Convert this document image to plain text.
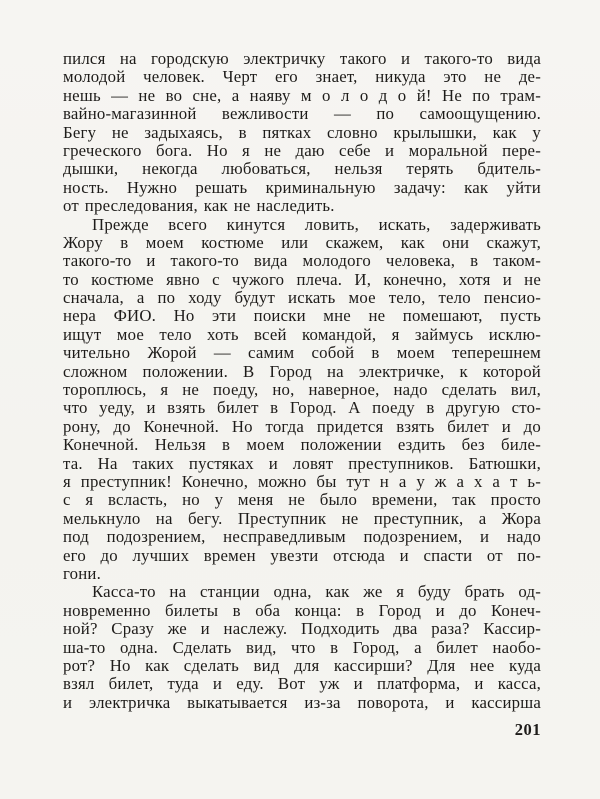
пился на городскую электричку такого и такого-то вида
молодой человек. Черт его знает, никуда это не де-
нешь — не во сне, а наяву м о л о д о й! Не по трам-
вайно-магазинной вежливости — по самоощущению.
Бегу не задыхаясь, в пятках словно крылышки, как у
греческого бога. Но я не даю себе и моральной пере-
дышки, некогда любоваться, нельзя терять бдитель-
ность. Нужно решать криминальную задачу: как уйти
от преследования, как не наследить.
Прежде всего кинутся ловить, искать, задерживать
Жору в моем костюме или скажем, как они скажут,
такого-то и такого-то вида молодого человека, в таком-
то костюме явно с чужого плеча. И, конечно, хотя и не
сначала, а по ходу будут искать мое тело, тело пенсио-
нера ФИО. Но эти поиски мне не помешают, пусть
ищут мое тело хоть всей командой, я займусь исклю-
чительно Жорой — самим собой в моем теперешнем
сложном положении. В Город на электричке, к которой
тороплюсь, я не поеду, но, наверное, надо сделать вил,
что уеду, и взять билет в Город. А поеду в другую сто-
рону, до Конечной. Но тогда придется взять билет и до
Конечной. Нельзя в моем положении ездить без биле-
та. На таких пустяках и ловят преступников. Батюшки,
я преступник! Конечно, можно бы тут н а у ж а х а т ь-
с я всласть, но у меня не было времени, так просто
мелькнуло на бегу. Преступник не преступник, а Жора
под подозрением, несправедливым подозрением, и надо
его до лучших времен увезти отсюда и спасти от по-
гони.
Касса-то на станции одна, как же я буду брать од-
новременно билеты в оба конца: в Город и до Конеч-
ной? Сразу же и наслежу. Подходить два раза? Кассир-
ша-то одна. Сделать вид, что в Город, а билет наобо-
рот? Но как сделать вид для кассирши? Для нее куда
взял билет, туда и еду. Вот уж и платформа, и касса,
и электричка выкатывается из-за поворота, и кассирша
201
